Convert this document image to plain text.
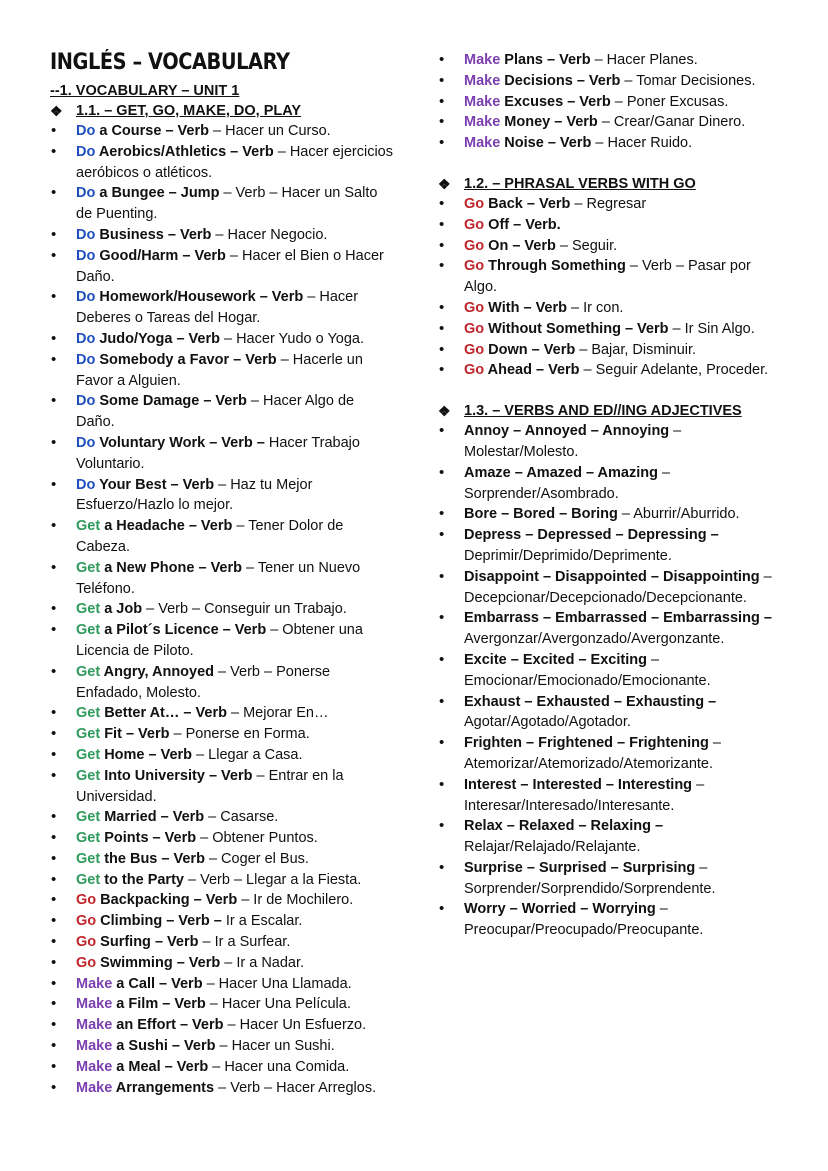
INGLÉS – VOCABULARY

--1. VOCABULARY – UNIT 1

❖ 1.1. – GET, GO, MAKE, DO, PLAY

• Do a Course – Verb – Hacer un Curso.
• Do Aerobics/Athletics – Verb – Hacer ejercicios aeróbicos o atléticos.
• Do a Bungee – Jump – Verb – Hacer un Salto de Puenting.
• Do Business – Verb – Hacer Negocio.
• Do Good/Harm – Verb – Hacer el Bien o Hacer Daño.
• Do Homework/Housework – Verb – Hacer Deberes o Tareas del Hogar.
• Do Judo/Yoga – Verb – Hacer Yudo o Yoga.
• Do Somebody a Favor – Verb – Hacerle un Favor a Alguien.
• Do Some Damage – Verb – Hacer Algo de Daño.
• Do Voluntary Work – Verb – Hacer Trabajo Voluntario.
• Do Your Best – Verb – Haz tu Mejor Esfuerzo/Hazlo lo mejor.
• Get a Headache – Verb – Tener Dolor de Cabeza.
• Get a New Phone – Verb – Tener un Nuevo Teléfono.
• Get a Job – Verb – Conseguir un Trabajo.
• Get a Pilot´s Licence – Verb – Obtener una Licencia de Piloto.
• Get Angry, Annoyed – Verb – Ponerse Enfadado, Molesto.
• Get Better At… – Verb – Mejorar En…
• Get Fit – Verb – Ponerse en Forma.
• Get Home – Verb – Llegar a Casa.
• Get Into University – Verb – Entrar en la Universidad.
• Get Married – Verb – Casarse.
• Get Points – Verb – Obtener Puntos.
• Get the Bus – Verb – Coger el Bus.
• Get to the Party – Verb – Llegar a la Fiesta.
• Go Backpacking – Verb – Ir de Mochilero.
• Go Climbing – Verb – Ir a Escalar.
• Go Surfing – Verb – Ir a Surfear.
• Go Swimming – Verb – Ir a Nadar.
• Make a Call – Verb – Hacer Una Llamada.
• Make a Film – Verb – Hacer Una Película.
• Make an Effort – Verb – Hacer Un Esfuerzo.
• Make a Sushi – Verb – Hacer un Sushi.
• Make a Meal – Verb – Hacer una Comida.
• Make Arrangements – Verb – Hacer Arreglos.
• Make Plans – Verb – Hacer Planes.
• Make Decisions – Verb – Tomar Decisiones.
• Make Excuses – Verb – Poner Excusas.
• Make Money – Verb – Crear/Ganar Dinero.
• Make Noise – Verb – Hacer Ruido.

❖ 1.2. – PHRASAL VERBS WITH GO

• Go Back – Verb – Regresar
• Go Off – Verb.
• Go On – Verb – Seguir.
• Go Through Something – Verb – Pasar por Algo.
• Go With – Verb – Ir con.
• Go Without Something – Verb – Ir Sin Algo.
• Go Down – Verb – Bajar, Disminuir.
• Go Ahead – Verb – Seguir Adelante, Proceder.

❖ 1.3. – VERBS AND ED//ING ADJECTIVES

• Annoy – Annoyed – Annoying – Molestar/Molesto.
• Amaze – Amazed – Amazing – Sorprender/Asombrado.
• Bore – Bored – Boring – Aburrir/Aburrido.
• Depress – Depressed – Depressing – Deprimir/Deprimido/Deprimente.
• Disappoint – Disappointed – Disappointing – Decepcionar/Decepcionado/Decepcionante.
• Embarrass – Embarrassed – Embarrassing – Avergonzar/Avergonzado/Avergonzante.
• Excite – Excited – Exciting – Emocionar/Emocionado/Emocionante.
• Exhaust – Exhausted – Exhausting – Agotar/Agotado/Agotador.
• Frighten – Frightened – Frightening – Atemorizar/Atemorizado/Atemorizante.
• Interest – Interested – Interesting – Interesar/Interesado/Interesante.
• Relax – Relaxed – Relaxing – Relajar/Relajado/Relajante.
• Surprise – Surprised – Surprising – Sorprender/Sorprendido/Sorprendente.
• Worry – Worried – Worrying – Preocupar/Preocupado/Preocupante.
